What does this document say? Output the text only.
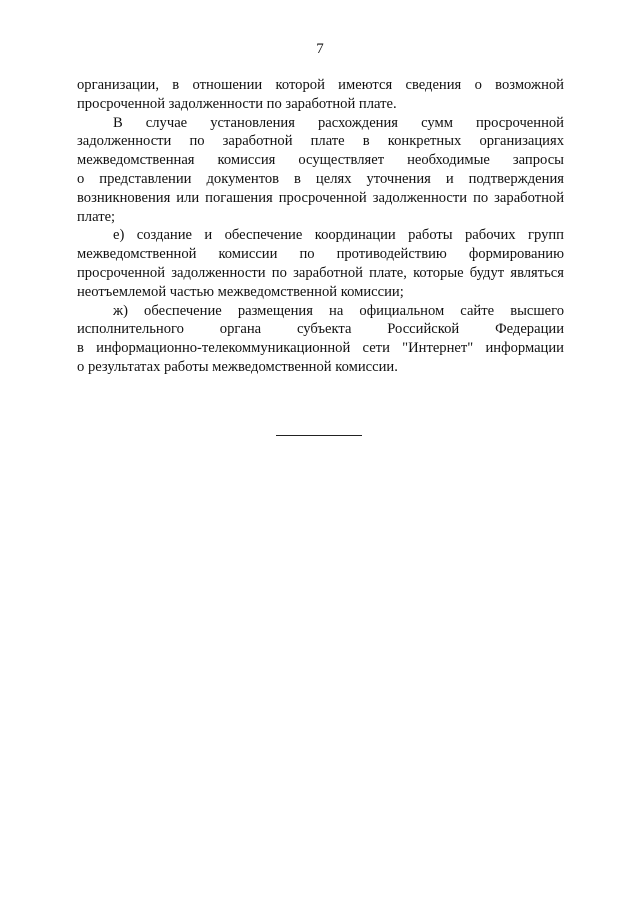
7
организации, в отношении которой имеются сведения о возможной
просроченной задолженности по заработной плате.
В случае установления расхождения сумм просроченной
задолженности по заработной плате в конкретных организациях
межведомственная комиссия осуществляет необходимые запросы
о представлении документов в целях уточнения и подтверждения
возникновения или погашения просроченной задолженности по заработной
плате;
е) создание и обеспечение координации работы рабочих групп
межведомственной комиссии по противодействию формированию
просроченной задолженности по заработной плате, которые будут являться
неотъемлемой частью межведомственной комиссии;
ж) обеспечение размещения на официальном сайте высшего
исполнительного органа субъекта Российской Федерации
в информационно-телекоммуникационной сети "Интернет" информации
о результатах работы межведомственной комиссии.
